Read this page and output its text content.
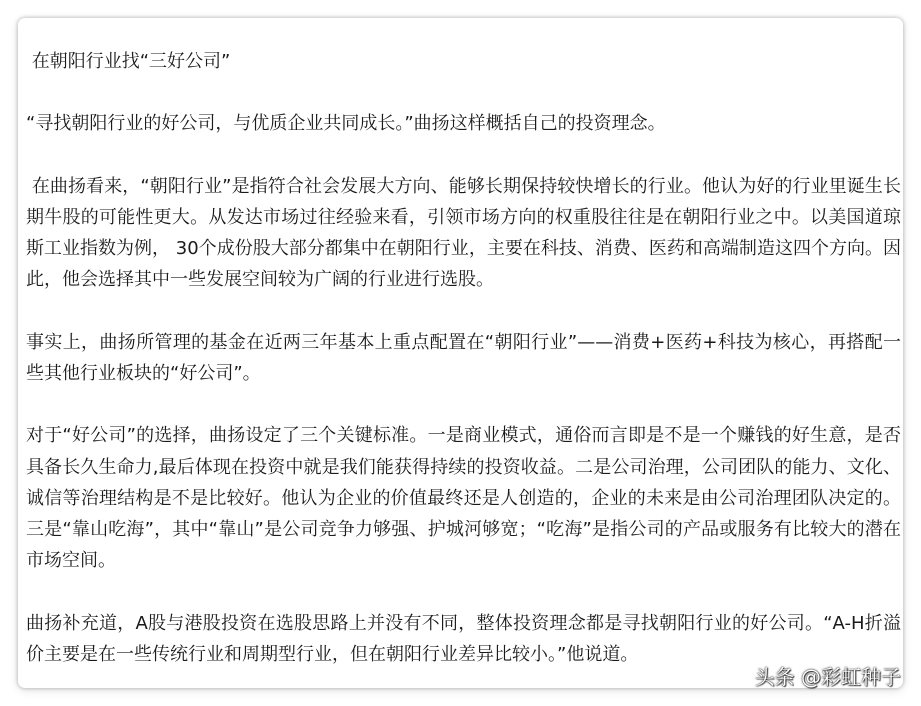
在朝阳行业找“三好公司”

“寻找朝阳行业的好公司，与优质企业共同成长。”曲扬这样概括自己的投资理念。

在曲扬看来，“朝阳行业”是指符合社会发展大方向、能够长期保持较快增长的行业。他认为好的行业里诞生长期牛股的可能性更大。从发达市场过往经验来看，引领市场方向的权重股往往是在朝阳行业之中。以美国道琼斯工业指数为例， 30个成份股大部分都集中在朝阳行业，主要在科技、消费、医药和高端制造这四个方向。因此，他会选择其中一些发展空间较为广阔的行业进行选股。

事实上，曲扬所管理的基金在近两三年基本上重点配置在“朝阳行业”——消费+医药+科技为核心，再搭配一些其他行业板块的“好公司”。

对于“好公司”的选择，曲扬设定了三个关键标准。一是商业模式，通俗而言即是不是一个赚钱的好生意，是否具备长久生命力,最后体现在投资中就是我们能获得持续的投资收益。二是公司治理，公司团队的能力、文化、诚信等治理结构是不是比较好。他认为企业的价值最终还是人创造的，企业的未来是由公司治理团队决定的。三是“靠山吃海”，其中“靠山”是公司竞争力够强、护城河够宽；“吃海”是指公司的产品或服务有比较大的潜在市场空间。

曲扬补充道，A股与港股投资在选股思路上并没有不同，整体投资理念都是寻找朝阳行业的好公司。“A-H折溢价主要是在一些传统行业和周期型行业，但在朝阳行业差异比较小。”他说道。

头条 @彩虹种子
